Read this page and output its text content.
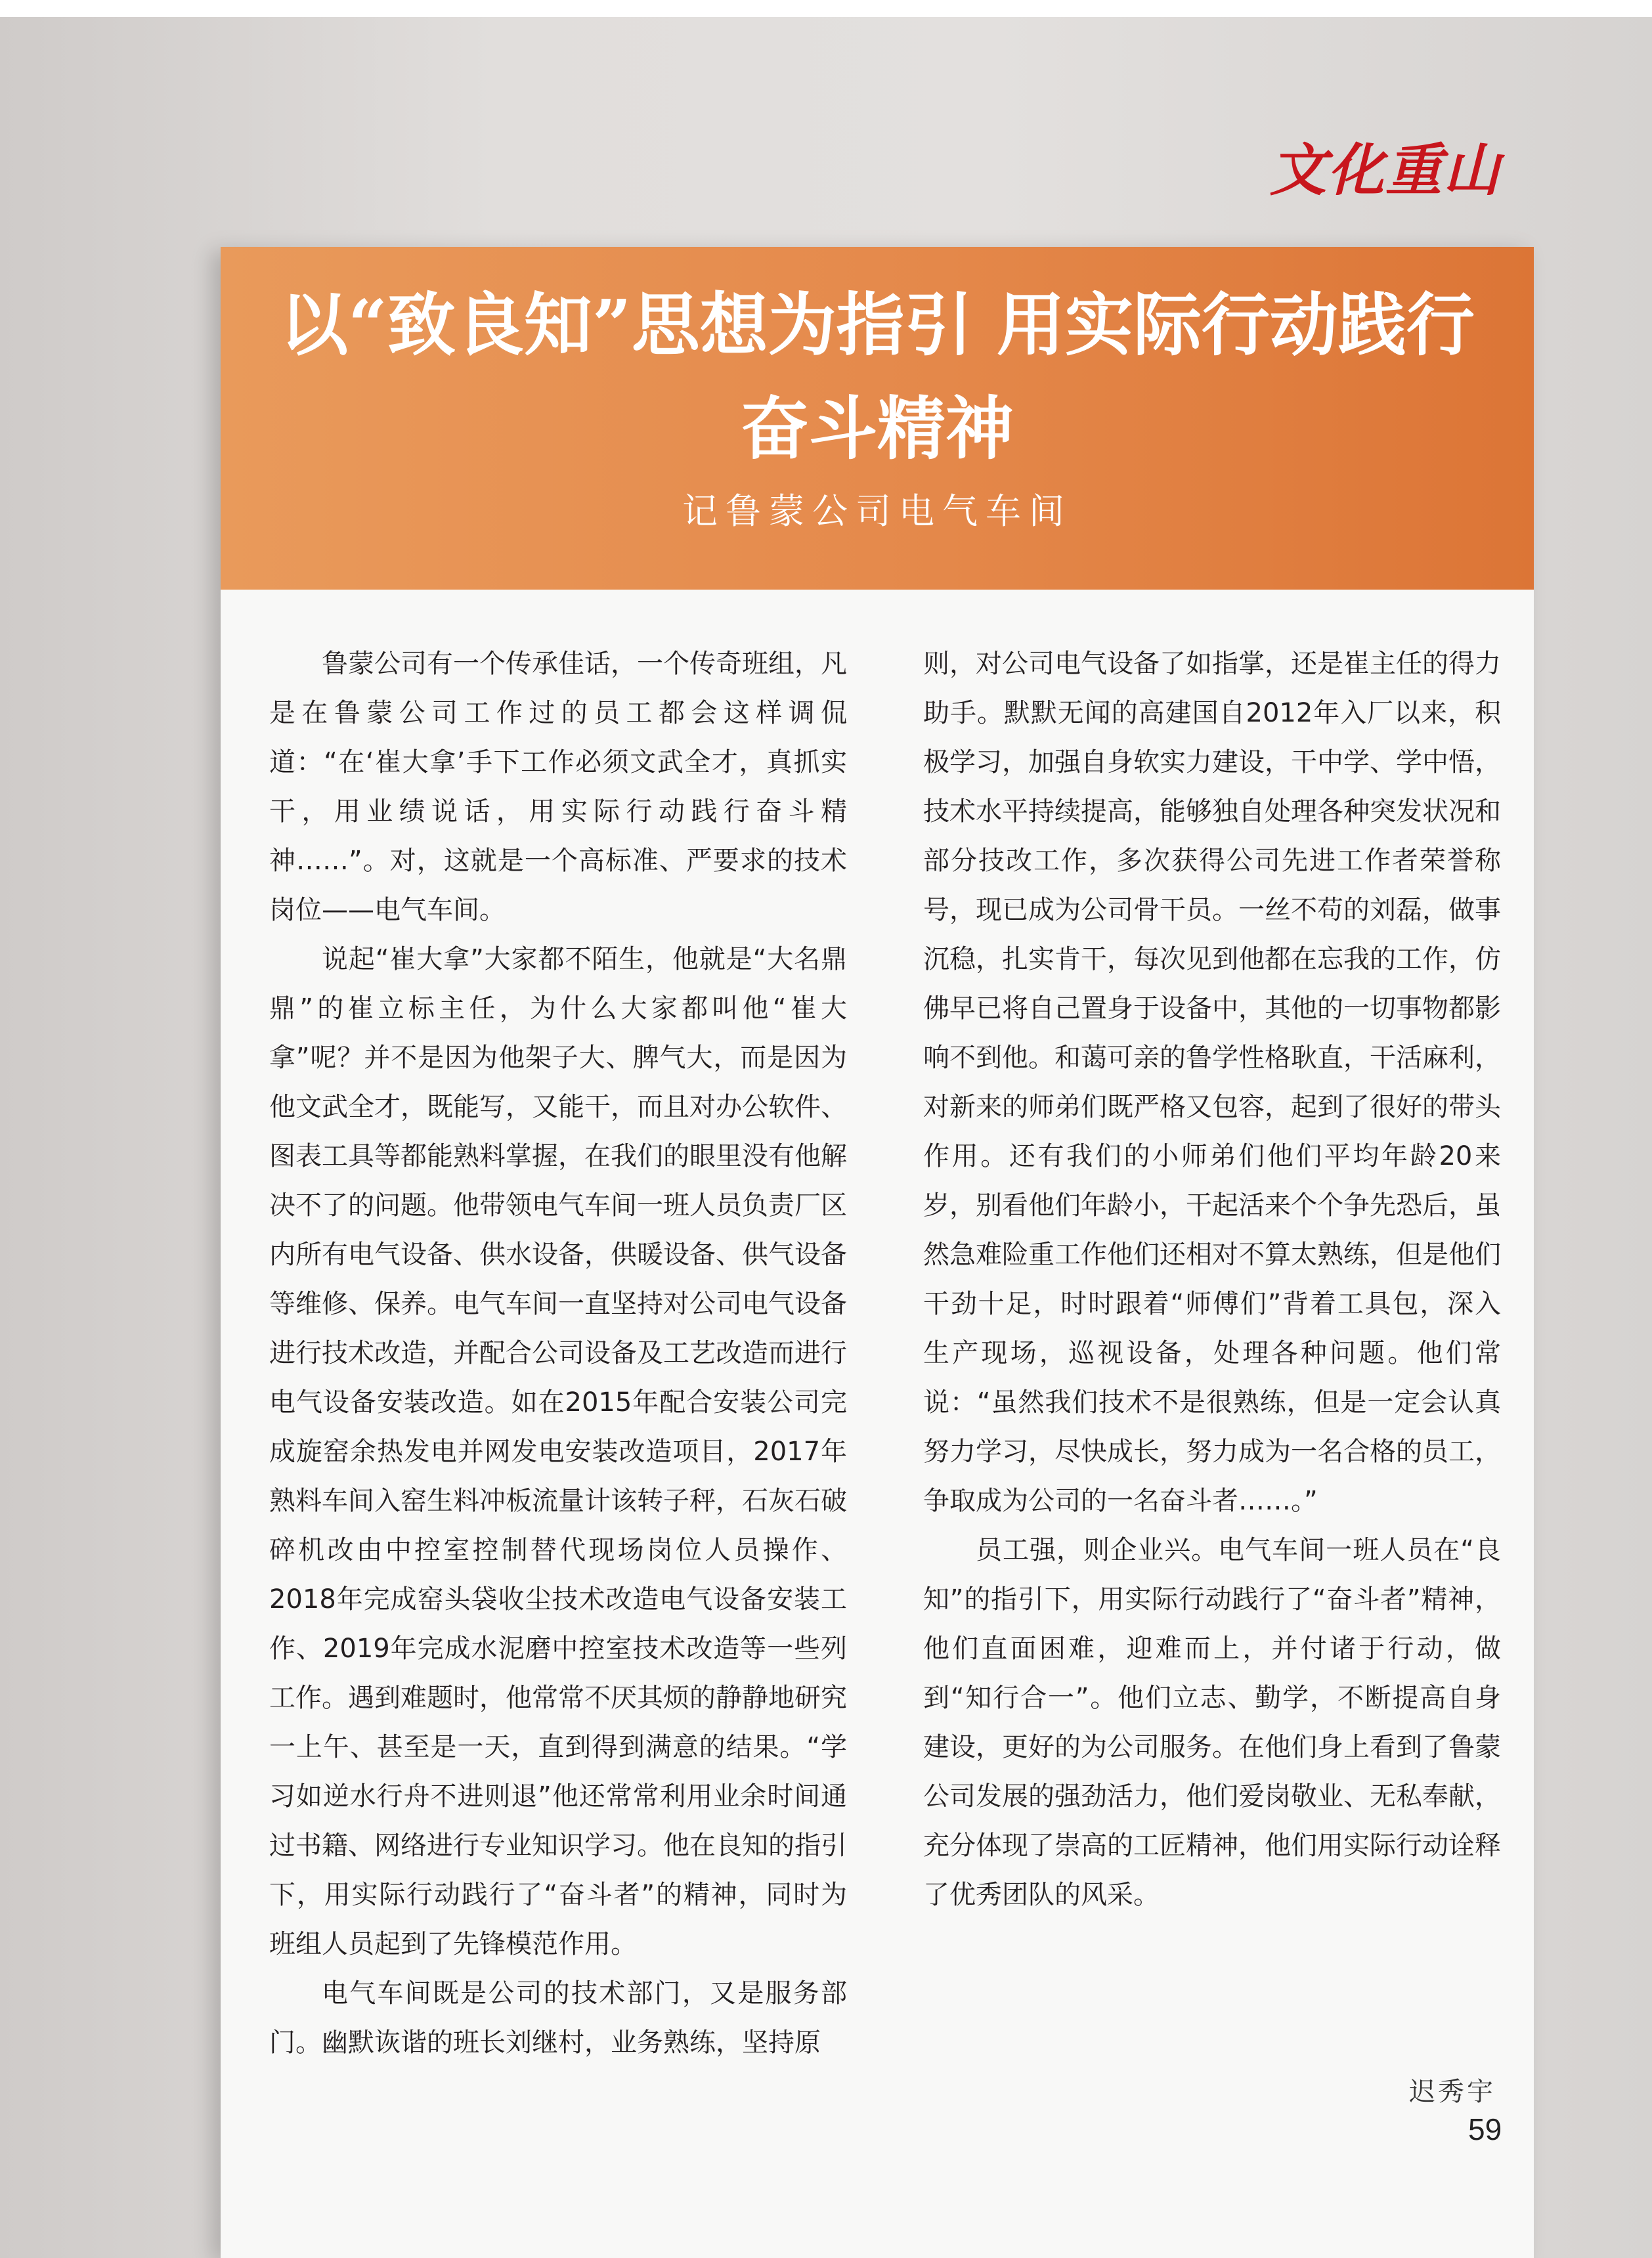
文化重山
以“致良知”思想为指引 用实际行动践行
奋斗精神
记鲁蒙公司电气车间

鲁蒙公司有一个传承佳话，一个传奇班组，凡是在鲁蒙公司工作过的员工都会这样调侃道：“在‘崔大拿’手下工作必须文武全才，真抓实干，用业绩说话，用实际行动践行奋斗精神……”。对，这就是一个高标准、严要求的技术岗位——电气车间。

说起“崔大拿”大家都不陌生，他就是“大名鼎鼎”的崔立标主任，为什么大家都叫他“崔大拿”呢？并不是因为他架子大、脾气大，而是因为他文武全才，既能写，又能干，而且对办公软件、图表工具等都能熟料掌握，在我们的眼里没有他解决不了的问题。他带领电气车间一班人员负责厂区内所有电气设备、供水设备，供暖设备、供气设备等维修、保养。电气车间一直坚持对公司电气设备进行技术改造，并配合公司设备及工艺改造而进行电气设备安装改造。如在2015年配合安装公司完成旋窑余热发电并网发电安装改造项目，2017年熟料车间入窑生料冲板流量计该转子秤，石灰石破碎机改由中控室控制替代现场岗位人员操作、2018年完成窑头袋收尘技术改造电气设备安装工作、2019年完成水泥磨中控室技术改造等一些列工作。遇到难题时，他常常不厌其烦的静静地研究一上午、甚至是一天，直到得到满意的结果。“学习如逆水行舟不进则退”他还常常利用业余时间通过书籍、网络进行专业知识学习。他在良知的指引下，用实际行动践行了“奋斗者”的精神，同时为班组人员起到了先锋模范作用。

电气车间既是公司的技术部门，又是服务部门。幽默诙谐的班长刘继村，业务熟练，坚持原

则，对公司电气设备了如指掌，还是崔主任的得力助手。默默无闻的高建国自2012年入厂以来，积极学习，加强自身软实力建设，干中学、学中悟，技术水平持续提高，能够独自处理各种突发状况和部分技改工作，多次获得公司先进工作者荣誉称号，现已成为公司骨干员。一丝不苟的刘磊，做事沉稳，扎实肯干，每次见到他都在忘我的工作，仿佛早已将自己置身于设备中，其他的一切事物都影响不到他。和蔼可亲的鲁学性格耿直，干活麻利，对新来的师弟们既严格又包容，起到了很好的带头作用。还有我们的小师弟们他们平均年龄20来岁，别看他们年龄小，干起活来个个争先恐后，虽然急难险重工作他们还相对不算太熟练，但是他们干劲十足，时时跟着“师傅们”背着工具包，深入生产现场，巡视设备，处理各种问题。他们常说：“虽然我们技术不是很熟练，但是一定会认真努力学习，尽快成长，努力成为一名合格的员工，争取成为公司的一名奋斗者……。”

员工强，则企业兴。电气车间一班人员在“良知”的指引下，用实际行动践行了“奋斗者”精神，他们直面困难，迎难而上，并付诸于行动，做到“知行合一”。他们立志、勤学，不断提高自身建设，更好的为公司服务。在他们身上看到了鲁蒙公司发展的强劲活力，他们爱岗敬业、无私奉献，充分体现了崇高的工匠精神，他们用实际行动诠释了优秀团队的风采。

迟秀宇
59
